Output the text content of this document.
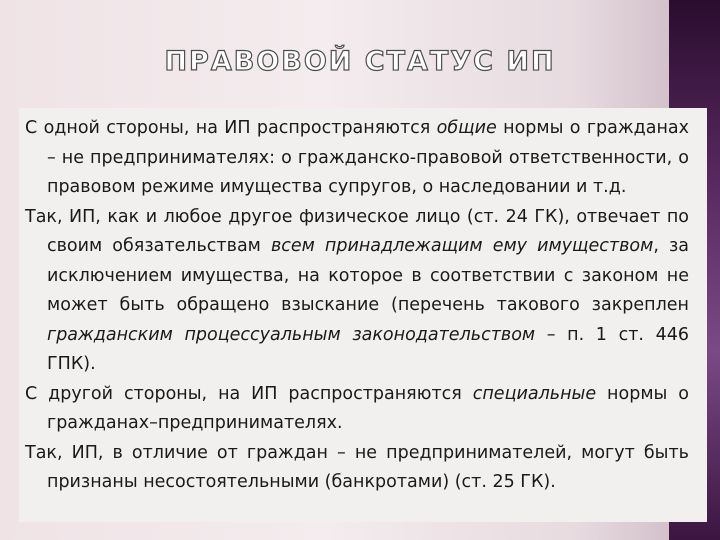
ПРАВОВОЙ СТАТУС ИП

С одной стороны, на ИП распространяются общие нормы о гражданах – не предпринимателях: о гражданско-правовой ответственности, о правовом режиме имущества супругов, о наследовании и т.д.

Так, ИП, как и любое другое физическое лицо (ст. 24 ГК), отвечает по своим обязательствам всем принадлежащим ему имуществом, за исключением имущества, на которое в соответствии с законом не может быть обращено взыскание (перечень такового закреплен гражданским процессуальным законодательством – п. 1 ст. 446 ГПК).

С другой стороны, на ИП распространяются специальные нормы о гражданах–предпринимателях.

Так, ИП, в отличие от граждан – не предпринимателей, могут быть признаны несостоятельными (банкротами) (ст. 25 ГК).
